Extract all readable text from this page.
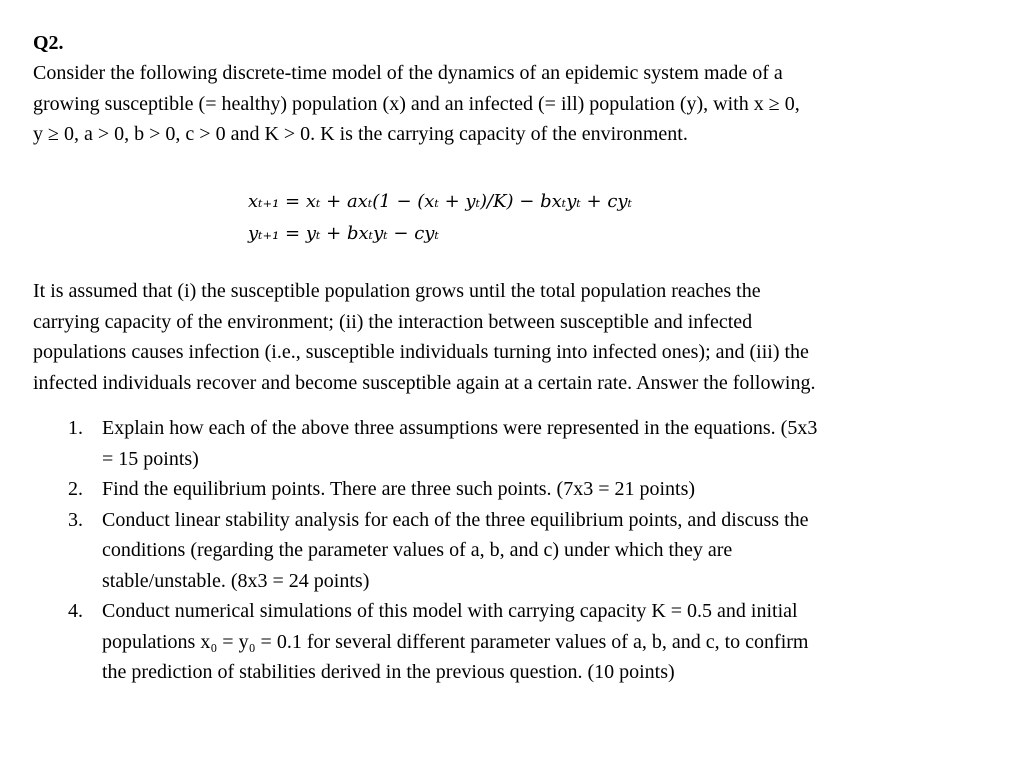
Q2.
Consider the following discrete-time model of the dynamics of an epidemic system made of a
growing susceptible (= healthy) population (x) and an infected (= ill) population (y), with x ≥ 0,
y ≥ 0, a > 0, b > 0, c > 0 and K > 0. K is the carrying capacity of the environment.
xₜ₊₁ = xₜ + axₜ(1 − (xₜ + yₜ)/K) − bxₜyₜ + cyₜ
yₜ₊₁ = yₜ + bxₜyₜ − cyₜ
It is assumed that (i) the susceptible population grows until the total population reaches the
carrying capacity of the environment; (ii) the interaction between susceptible and infected
populations causes infection (i.e., susceptible individuals turning into infected ones); and (iii) the
infected individuals recover and become susceptible again at a certain rate. Answer the following.
1. Explain how each of the above three assumptions were represented in the equations. (5x3
= 15 points)
2. Find the equilibrium points. There are three such points. (7x3 = 21 points)
3. Conduct linear stability analysis for each of the three equilibrium points, and discuss the
conditions (regarding the parameter values of a, b, and c) under which they are
stable/unstable. (8x3 = 24 points)
4. Conduct numerical simulations of this model with carrying capacity K = 0.5 and initial
populations x₀ = y₀ = 0.1 for several different parameter values of a, b, and c, to confirm
the prediction of stabilities derived in the previous question. (10 points)
